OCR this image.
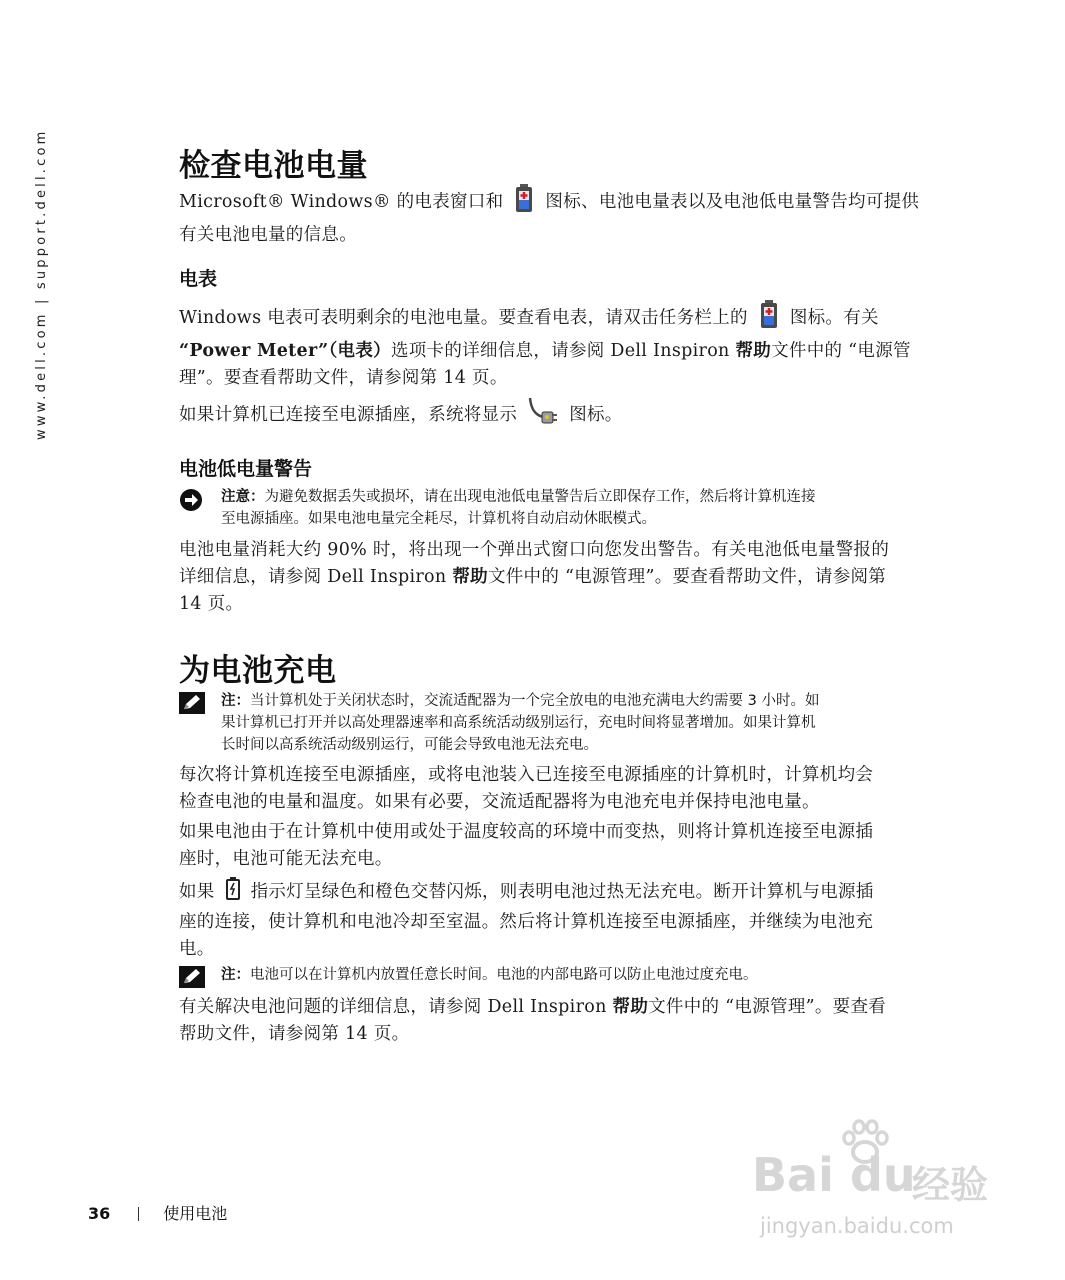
www.dell.com | support.dell.com	检查电池电量

Microsoft® Windows® 的电表窗口和 图标、电池电量表以及电池低电量警告均可提供
有关电池电量的信息。

电表

Windows 电表可表明剩余的电池电量。要查看电表，请双击任务栏上的 图标。有关
“Power Meter”（电表）选项卡的详细信息，请参阅 Dell Inspiron 帮助文件中的 “电源管
理”。要查看帮助文件，请参阅第 14 页。

如果计算机已连接至电源插座，系统将显示	图标。

电池低电量警告
注意：为避免数据丢失或损坏，请在出现电池低电量警告后立即保存工作，然后将计算机连接
至电源插座。如果电池电量完全耗尽，计算机将自动启动休眠模式。

电池电量消耗大约 90% 时，将出现一个弹出式窗口向您发出警告。有关电池低电量警报的
详细信息，请参阅 Dell Inspiron 帮助文件中的 “电源管理”。要查看帮助文件，请参阅第
14 页。

为电池充电
注：当计算机处于关闭状态时，交流适配器为一个完全放电的电池充满电大约需要 3 小时。如
果计算机已打开并以高处理器速率和高系统活动级别运行，充电时间将显著增加。如果计算机
长时间以高系统活动级别运行，可能会导致电池无法充电。

每次将计算机连接至电源插座，或将电池装入已连接至电源插座的计算机时，计算机均会
检查电池的电量和温度。如果有必要，交流适配器将为电池充电并保持电池电量。

如果电池由于在计算机中使用或处于温度较高的环境中而变热，则将计算机连接至电源插
座时，电池可能无法充电。

如果 指示灯呈绿色和橙色交替闪烁，则表明电池过热无法充电。断开计算机与电源插
座的连接，使计算机和电池冷却至室温。然后将计算机连接至电源插座，并继续为电池充
电。

注：电池可以在计算机内放置任意长时间。电池的内部电路可以防止电池过度充电。

有关解决电池问题的详细信息，请参阅 Dell Inspiron 帮助文件中的 “电源管理”。要查看
帮助文件，请参阅第 14 页。

36	使用电池
Bai du
经验
jingyan.baidu.com
